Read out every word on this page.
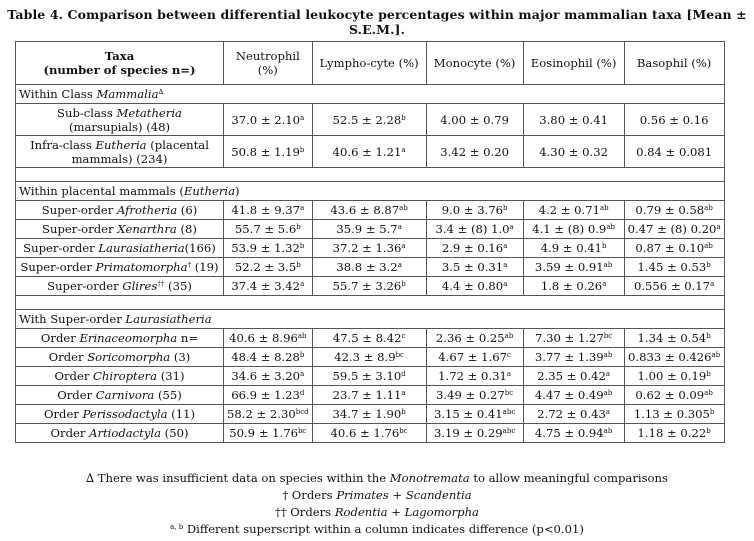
Table 4. Comparison between differential leukocyte percentages within major mammalian taxa [Mean ± S.E.M.].
Taxa
(number of species n=)	Neutrophil (%)	Lympho-cyte (%)	Monocyte (%)	Eosinophil (%)	Basophil (%)
Within Class Mammalia∆
Sub-class Metatheria (marsupials) (48)	37.0 ± 2.10$^a$	52.5 ± 2.28$^b$	4.00 ± 0.79	3.80 ± 0.41	0.56 ± 0.16
Infra-class Eutheria (placental mammals) (234)	50.8 ± 1.19$^b$	40.6 ± 1.21$^a$	3.42 ± 0.20	4.30 ± 0.32	0.84 ± 0.081

Within placental mammals (Eutheria)					
Super-order Afrotheria (6)	41.8 ± 9.37$^a$	43.6 ± 8.87$^{ab}$	9.0 ± 3.76$^b$	4.2 ± 0.71$^{ab}$	0.79 ± 0.58$^{ab}$
Super-order Xenarthra (8)	55.7 ± 5.6$^b$	35.9 ± 5.7$^a$	3.4 ± (8) 1.0$^a$	4.1 ± (8) 0.9$^{ab}$	0.47 ± (8) 0.20$^a$
Super-order Laurasiatheria(166)	53.9 ± 1.32$^b$	37.2 ± 1.36$^a$	2.9 ± 0.16$^a$	4.9 ± 0.41$^b$	0.87 ± 0.10$^{ab}$
Super-order Primatomorpha† (19)	52.2 ± 3.5$^b$	38.8 ± 3.2$^a$	3.5 ± 0.31$^a$	3.59 ± 0.91$^{ab}$	1.45 ± 0.53$^b$
Super-order Glires†† (35)	37.4 ± 3.42$^a$	55.7 ± 3.26$^b$	4.4 ± 0.80$^a$	1.8 ± 0.26$^a$	0.556 ± 0.17$^a$

With Super-order Laurasiatheria					
Order Erinaceomorpha n=	40.6 ± 8.96$^{ab}$	47.5 ± 8.42$^c$	2.36 ± 0.25$^{ab}$	7.30 ± 1.27$^{bc}$	1.34 ± 0.54$^b$
Order Soricomorpha (3)	48.4 ± 8.28$^b$	42.3 ± 8.9$^{bc}$	4.67 ± 1.67$^c$	3.77 ± 1.39$^{ab}$	0.833 ± 0.426$^{ab}$
Order Chiroptera (31)	34.6 ± 3.20$^a$	59.5 ± 3.10$^d$	1.72 ± 0.31$^a$	2.35 ± 0.42$^a$	1.00 ± 0.19$^b$
Order Carnivora (55)	66.9 ± 1.23$^d$	23.7 ± 1.11$^a$	3.49 ± 0.27$^{bc}$	4.47 ± 0.49$^{ab}$	0.62 ± 0.09$^{ab}$
Order Perissodactyla (11)	58.2 ± 2.30$^{bcd}$	34.7 ± 1.90$^b$	3.15 ± 0.41$^{abc}$	2.72 ± 0.43$^a$	1.13 ± 0.305$^b$
Order Artiodactyla (50)	50.9 ± 1.76$^{bc}$	40.6 ± 1.76$^{bc}$	3.19 ± 0.29$^{abc}$	4.75 ± 0.94$^{ab}$	1.18 ± 0.22$^b$
∆ There was insufficient data on species within the Monotremata to allow meaningful comparisons
† Orders Primates + Scandentia
†† Orders Rodentia + Lagomorpha
$^{a, b}$ Different superscript within a column indicates difference (p<0.01)
